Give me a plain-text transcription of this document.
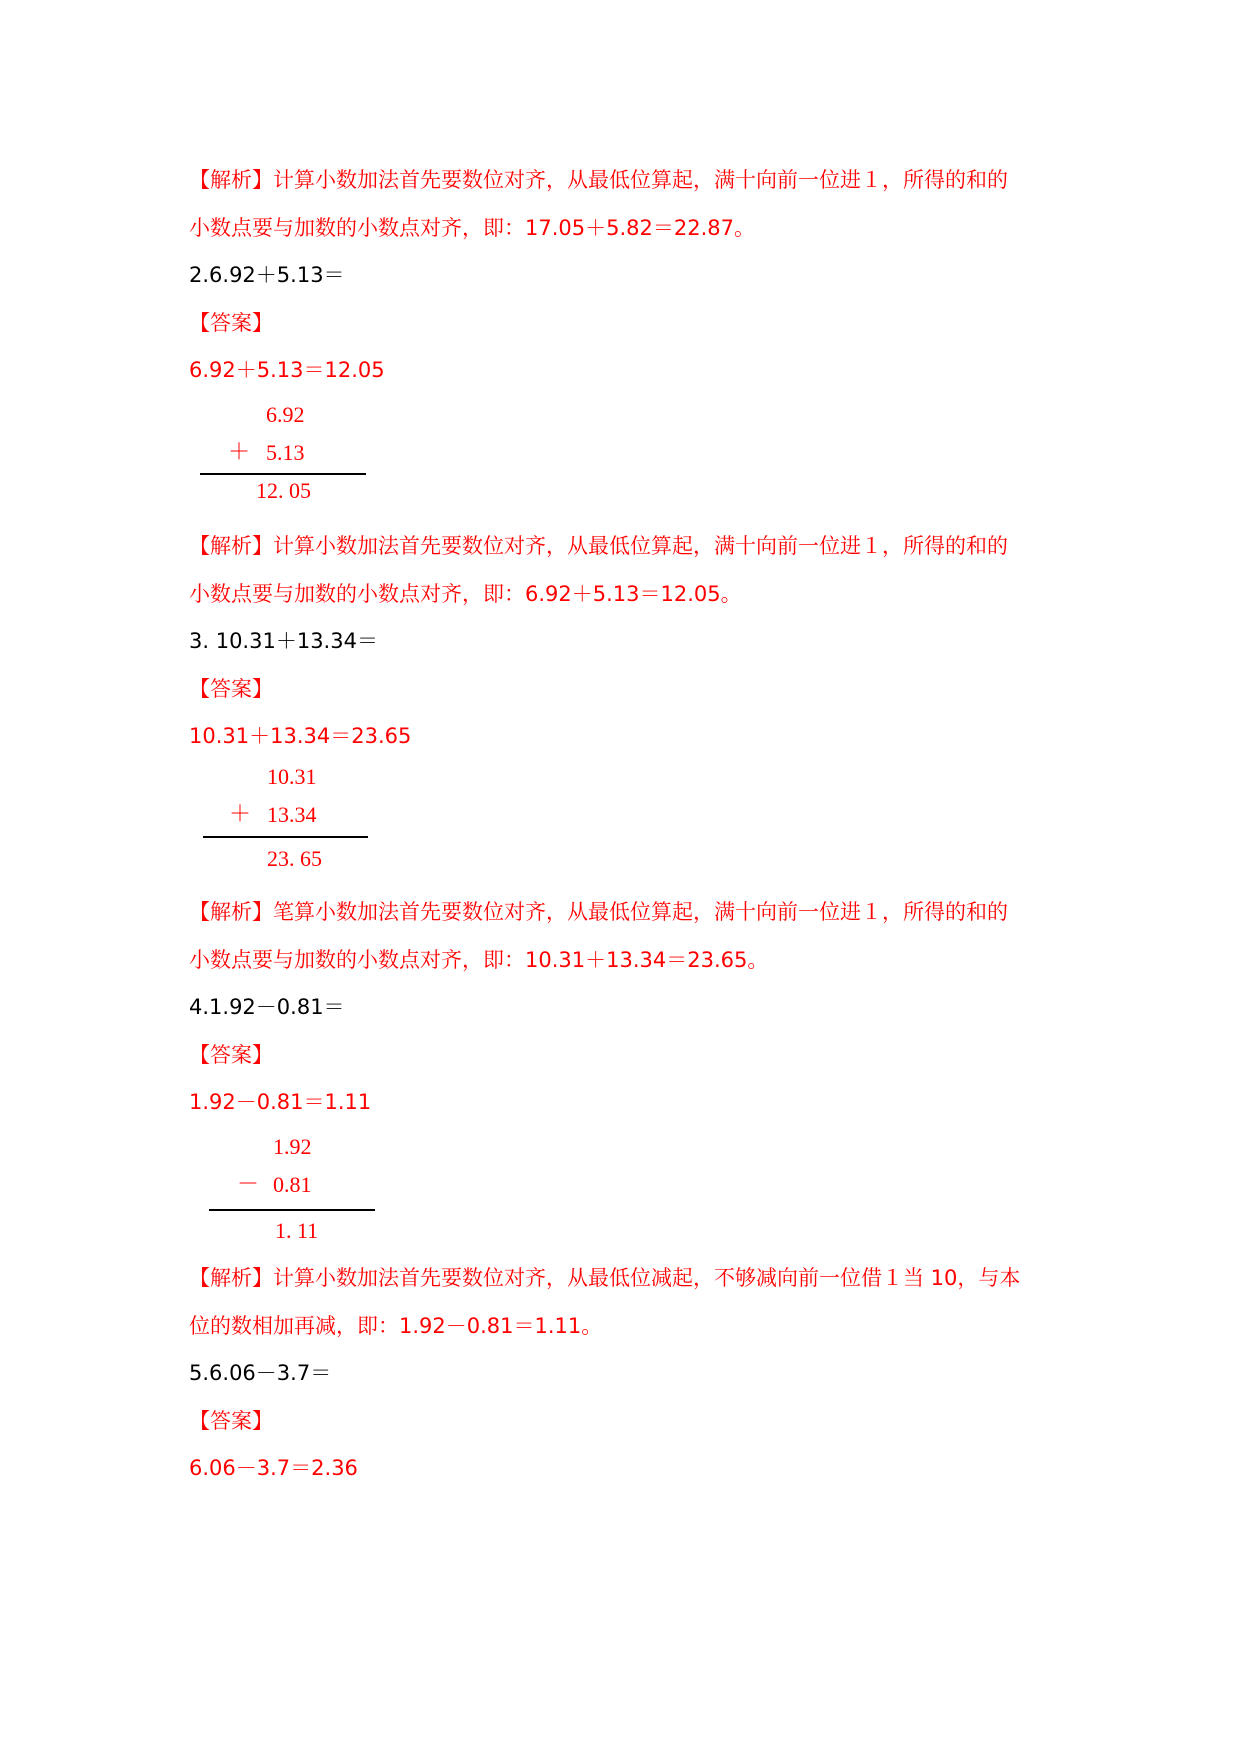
【解析】计算小数加法首先要数位对齐，从最低位算起，满十向前一位进１，所得的和的
小数点要与加数的小数点对齐，即：17.05＋5.82＝22.87。
2.6.92＋5.13＝
【答案】
6.92＋5.13＝12.05
6.92
＋ 5.13
12. 05
【解析】计算小数加法首先要数位对齐，从最低位算起，满十向前一位进１，所得的和的
小数点要与加数的小数点对齐，即：6.92＋5.13＝12.05。
3. 10.31＋13.34＝
【答案】
10.31＋13.34＝23.65
10.31
＋ 13.34
23. 65
【解析】笔算小数加法首先要数位对齐，从最低位算起，满十向前一位进１，所得的和的
小数点要与加数的小数点对齐，即：10.31＋13.34＝23.65。
4.1.92－0.81＝
【答案】
1.92－0.81＝1.11
1.92
－ 0.81
1. 11
【解析】计算小数加法首先要数位对齐，从最低位减起，不够减向前一位借１当 10，与本
位的数相加再减，即：1.92－0.81＝1.11。
5.6.06－3.7＝
【答案】
6.06－3.7＝2.36
